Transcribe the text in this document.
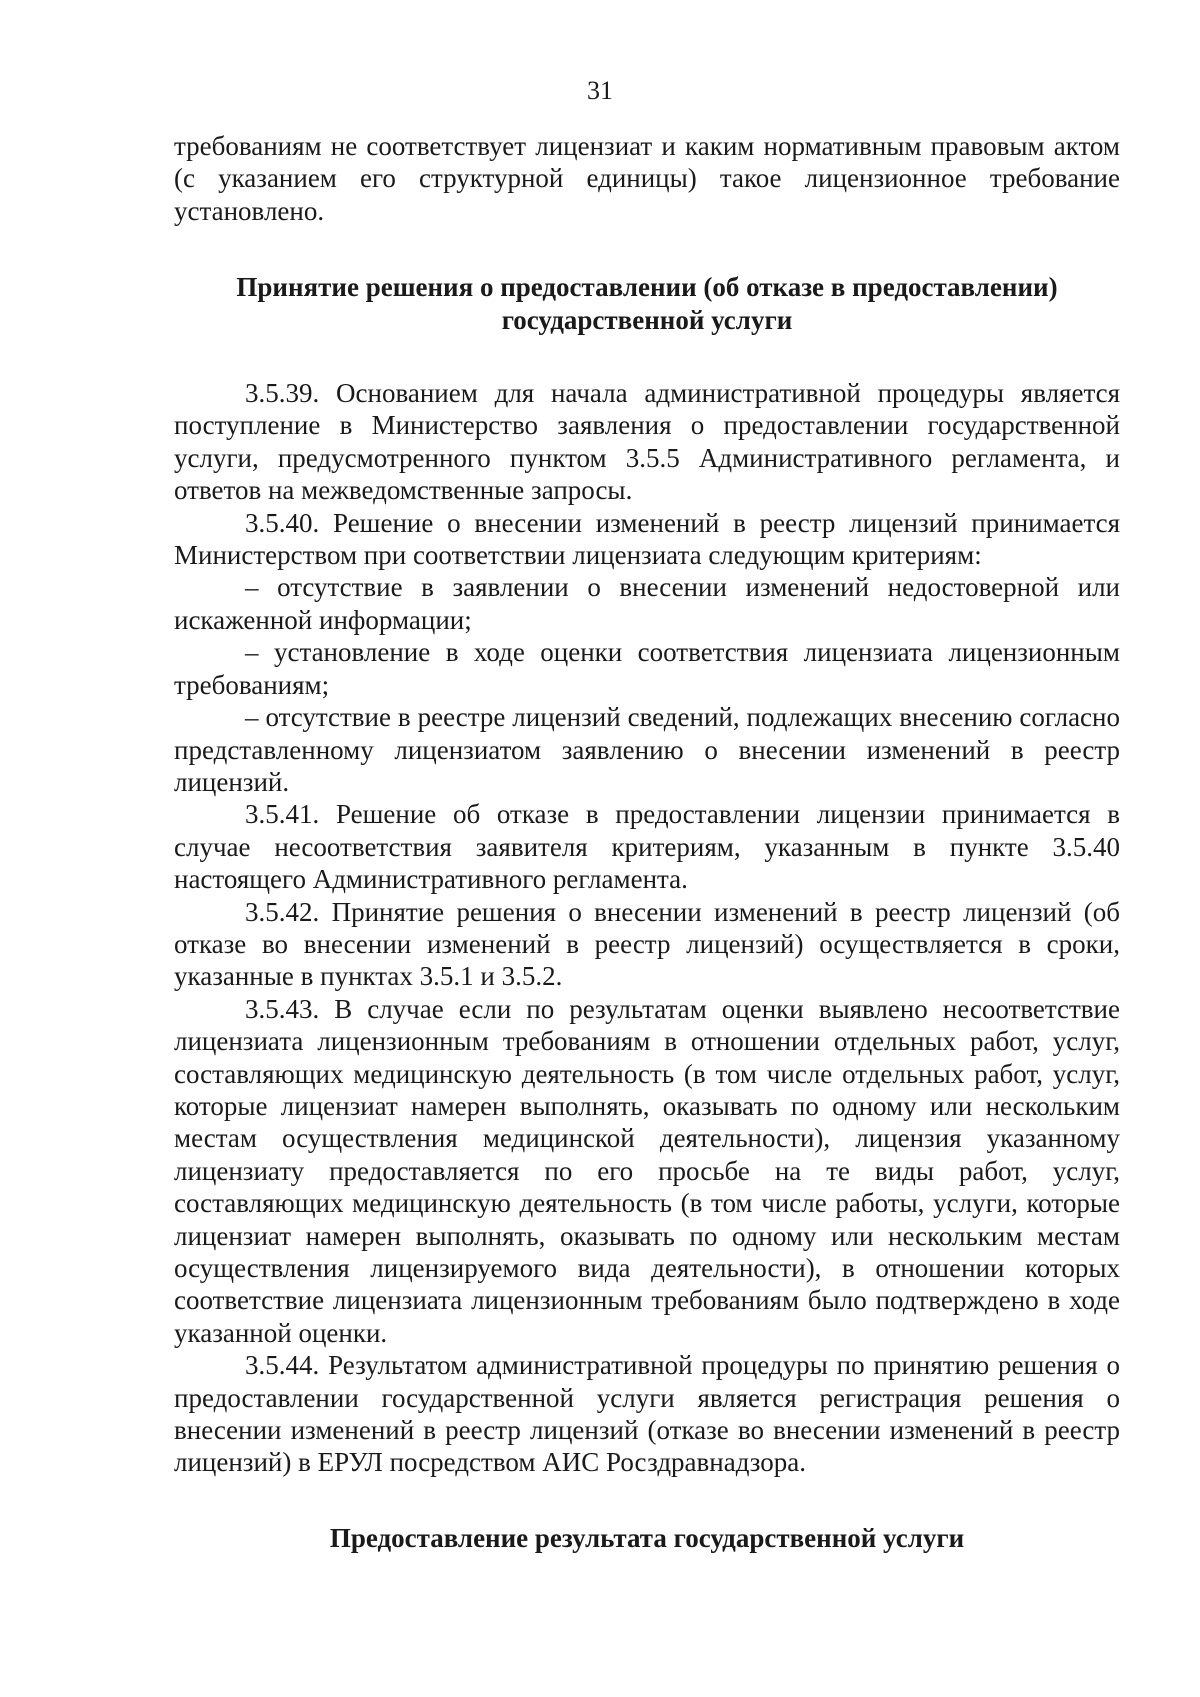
31

требованиям не соответствует лицензиат и каким нормативным правовым актом (с указанием его структурной единицы) такое лицензионное требование установлено.

Принятие решения о предоставлении (об отказе в предоставлении) государственной услуги

3.5.39. Основанием для начала административной процедуры является поступление в Министерство заявления о предоставлении государственной услуги, предусмотренного пунктом 3.5.5 Административного регламента, и ответов на межведомственные запросы.

3.5.40. Решение о внесении изменений в реестр лицензий принимается Министерством при соответствии лицензиата следующим критериям:

– отсутствие в заявлении о внесении изменений недостоверной или искаженной информации;

– установление в ходе оценки соответствия лицензиата лицензионным требованиям;

– отсутствие в реестре лицензий сведений, подлежащих внесению согласно представленному лицензиатом заявлению о внесении изменений в реестр лицензий.

3.5.41. Решение об отказе в предоставлении лицензии принимается в случае несоответствия заявителя критериям, указанным в пункте 3.5.40 настоящего Административного регламента.

3.5.42. Принятие решения о внесении изменений в реестр лицензий (об отказе во внесении изменений в реестр лицензий) осуществляется в сроки, указанные в пунктах 3.5.1 и 3.5.2.

3.5.43. В случае если по результатам оценки выявлено несоответствие лицензиата лицензионным требованиям в отношении отдельных работ, услуг, составляющих медицинскую деятельность (в том числе отдельных работ, услуг, которые лицензиат намерен выполнять, оказывать по одному или нескольким местам осуществления медицинской деятельности), лицензия указанному лицензиату предоставляется по его просьбе на те виды работ, услуг, составляющих медицинскую деятельность (в том числе работы, услуги, которые лицензиат намерен выполнять, оказывать по одному или нескольким местам осуществления лицензируемого вида деятельности), в отношении которых соответствие лицензиата лицензионным требованиям было подтверждено в ходе указанной оценки.

3.5.44. Результатом административной процедуры по принятию решения о предоставлении государственной услуги является регистрация решения о внесении изменений в реестр лицензий (отказе во внесении изменений в реестр лицензий) в ЕРУЛ посредством АИС Росздравнадзора.

Предоставление результата государственной услуги
